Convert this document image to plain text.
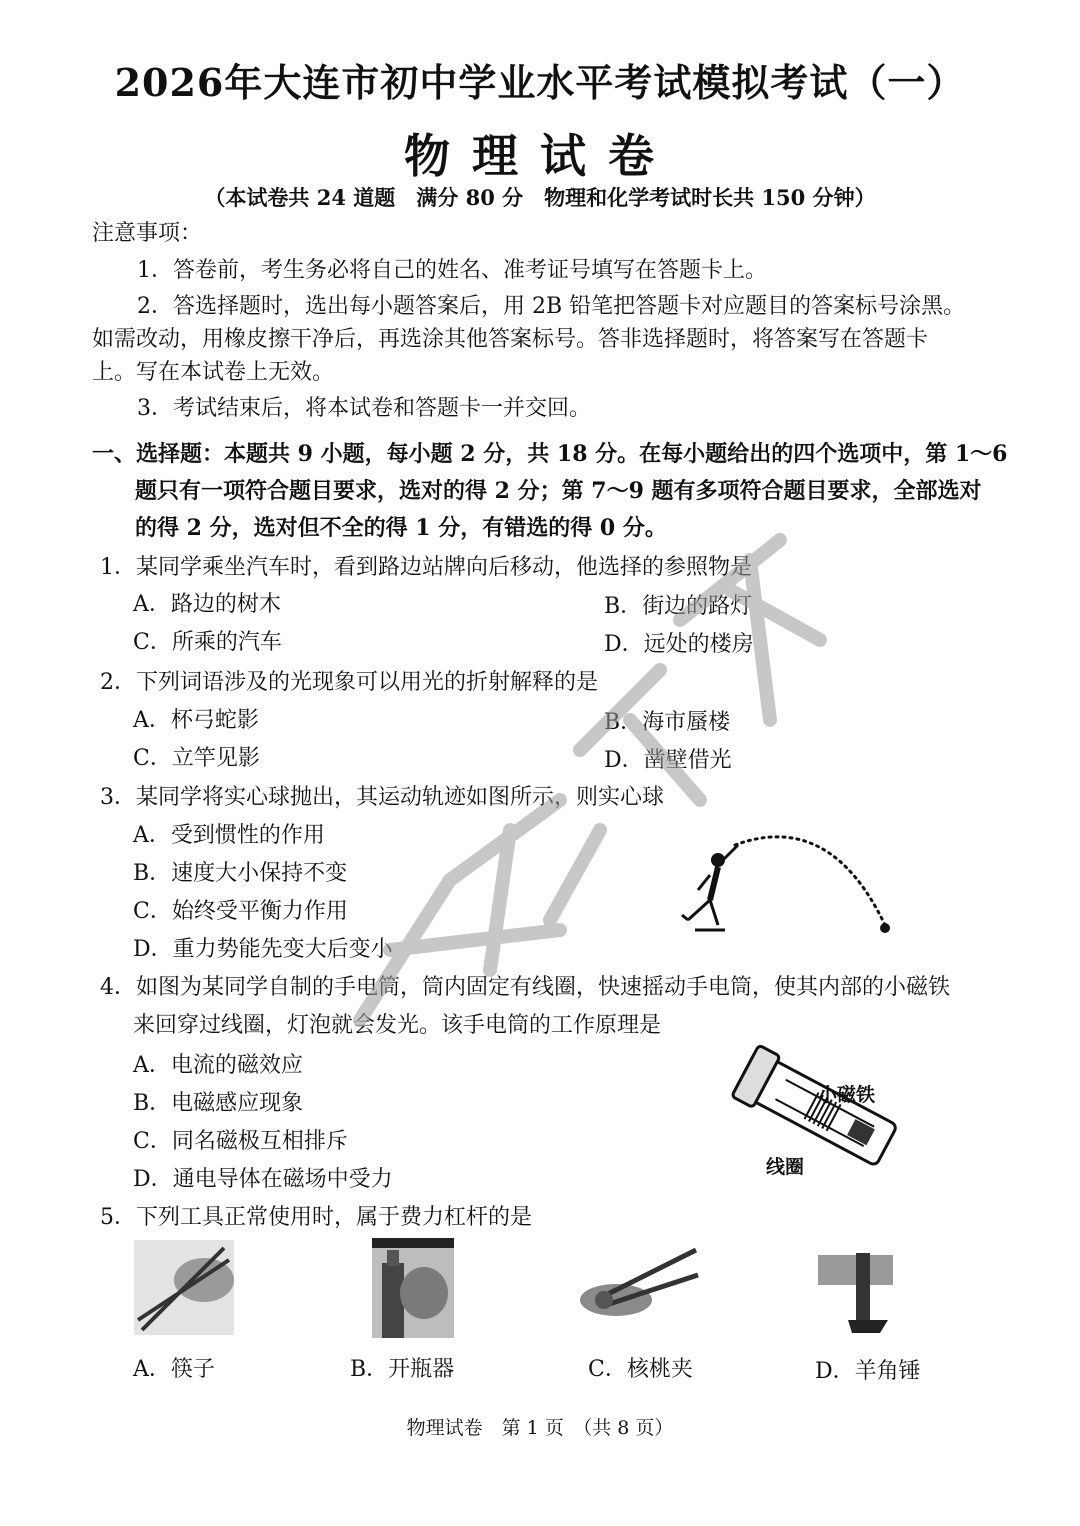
2026年大连市初中学业水平考试模拟考试（一）
物理试卷
（本试卷共 24 道题　满分 80 分　物理和化学考试时长共 150 分钟）
注意事项：
1．答卷前，考生务必将自己的姓名、准考证号填写在答题卡上。
2．答选择题时，选出每小题答案后，用 2B 铅笔把答题卡对应题目的答案标号涂黑。
如需改动，用橡皮擦干净后，再选涂其他答案标号。答非选择题时，将答案写在答题卡
上。写在本试卷上无效。
3．考试结束后，将本试卷和答题卡一并交回。
一、选择题：本题共 9 小题，每小题 2 分，共 18 分。在每小题给出的四个选项中，第 1～6
题只有一项符合题目要求，选对的得 2 分；第 7～9 题有多项符合题目要求，全部选对
的得 2 分，选对但不全的得 1 分，有错选的得 0 分。
1．某同学乘坐汽车时，看到路边站牌向后移动，他选择的参照物是
A．路边的树木	B．街边的路灯
C．所乘的汽车	D．远处的楼房
2．下列词语涉及的光现象可以用光的折射解释的是
A．杯弓蛇影	B．海市蜃楼
C．立竿见影	D．凿壁借光
3．某同学将实心球抛出，其运动轨迹如图所示，则实心球
A．受到惯性的作用
B．速度大小保持不变
C．始终受平衡力作用
D．重力势能先变大后变小
4．如图为某同学自制的手电筒，筒内固定有线圈，快速摇动手电筒，使其内部的小磁铁
来回穿过线圈，灯泡就会发光。该手电筒的工作原理是
A．电流的磁效应
B．电磁感应现象
C．同名磁极互相排斥
D．通电导体在磁场中受力
小磁铁
线圈
5．下列工具正常使用时，属于费力杠杆的是
A．筷子	B．开瓶器	C．核桃夹	D．羊角锤
物理试卷　第 1 页　（共 8 页）
